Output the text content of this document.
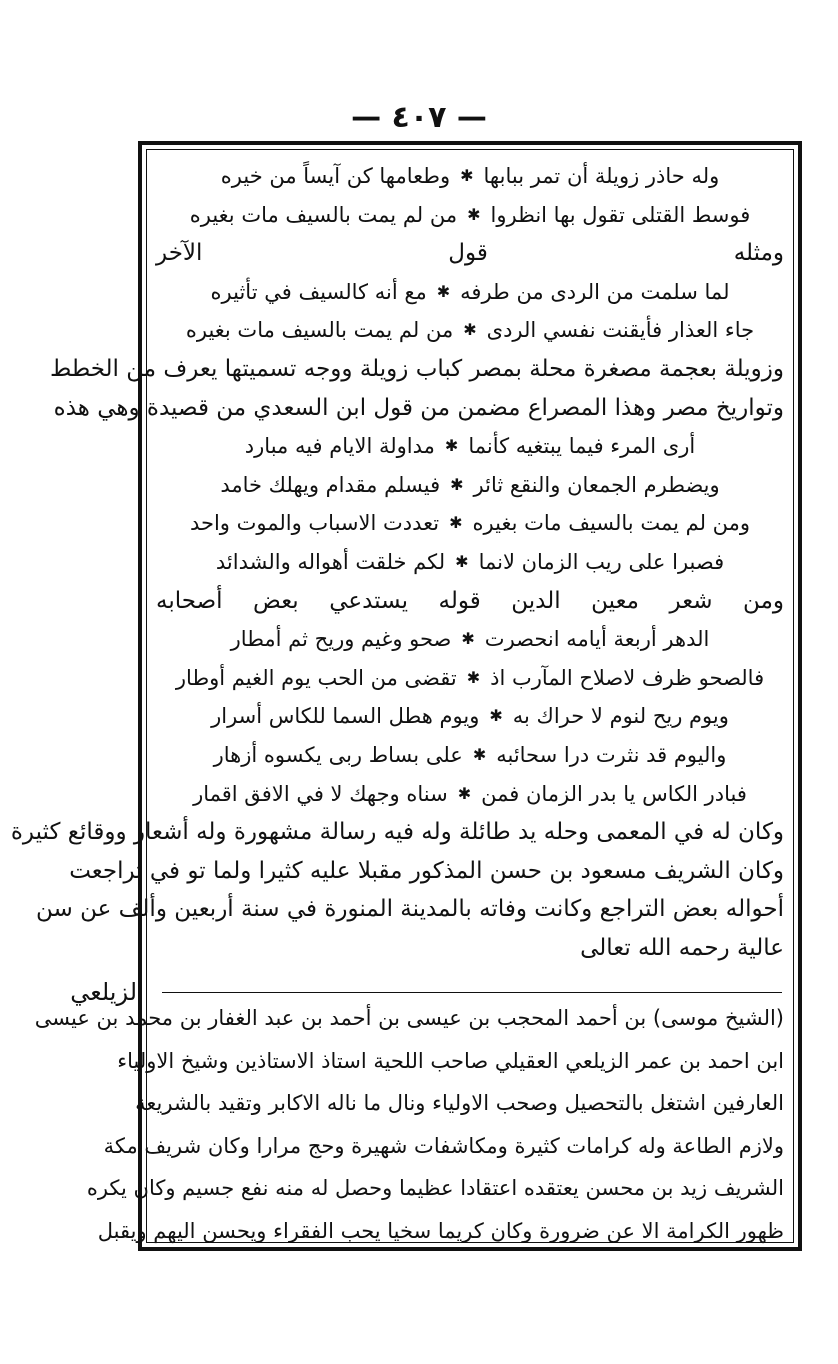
— ٤٠٧ —
وله حاذر زويلة أن تمر ببابها
✱
وطعامها كن آيساً من خيره
فوسط القتلى تقول بها انظروا
✱
من لم يمت بالسيف مات بغيره
ومثله قول الآخر
لما سلمت من الردى من طرفه
✱
مع أنه كالسيف في تأثيره
جاء العذار فأيقنت نفسي الردى
✱
من لم يمت بالسيف مات بغيره
وزويلة بعجمة مصغرة محلة بمصر كباب زويلة ووجه تسميتها يعرف من الخطط
وتواريخ مصر وهذا المصراع مضمن من قول ابن السعدي من قصيدة وهي هذه
أرى المرء فيما يبتغيه كأنما
✱
مداولة الايام فيه مبارد
ويضطرم الجمعان والنقع ثائر
✱
فيسلم مقدام ويهلك خامد
ومن لم يمت بالسيف مات بغيره
✱
تعددت الاسباب والموت واحد
فصبرا على ريب الزمان لانما
✱
لكم خلقت أهواله والشدائد
ومن شعر معين الدين قوله يستدعي بعض أصحابه
الدهر أربعة أيامه انحصرت
✱
صحو وغيم وريح ثم أمطار
فالصحو ظرف لاصلاح المآرب اذ
✱
تقضى من الحب يوم الغيم أوطار
ويوم ريح لنوم لا حراك به
✱
ويوم هطل السما للكاس أسرار
واليوم قد نثرت درا سحائبه
✱
على بساط ربى يكسوه أزهار
فبادر الكاس يا بدر الزمان فمن
✱
سناه وجهك لا في الافق اقمار
وكان له في المعمى وحله يد طائلة وله فيه رسالة مشهورة وله أشعار ووقائع كثيرة
وكان الشريف مسعود بن حسن المذكور مقبلا عليه كثيرا ولما تو في تراجعت
أحواله بعض التراجع وكانت وفاته بالمدينة المنورة في سنة أربعين وألف عن سن
عالية رحمه الله تعالى
الزيلعي
(الشيخ موسى) بن أحمد المحجب بن عيسى بن أحمد بن عبد الغفار بن محمد بن عيسى
ابن احمد بن عمر الزيلعي العقيلي صاحب اللحية استاذ الاستاذين وشيخ الاولياء
العارفين اشتغل بالتحصيل وصحب الاولياء ونال ما ناله الاكابر وتقيد بالشريعة
ولازم الطاعة وله كرامات كثيرة ومكاشفات شهيرة وحج مرارا وكان شريف مكة
الشريف زيد بن محسن يعتقده اعتقادا عظيما وحصل له منه نفع جسيم وكان يكره
ظهور الكرامة الا عن ضرورة وكان كريما سخيا يحب الفقراء ويحسن اليهم ويقبل
